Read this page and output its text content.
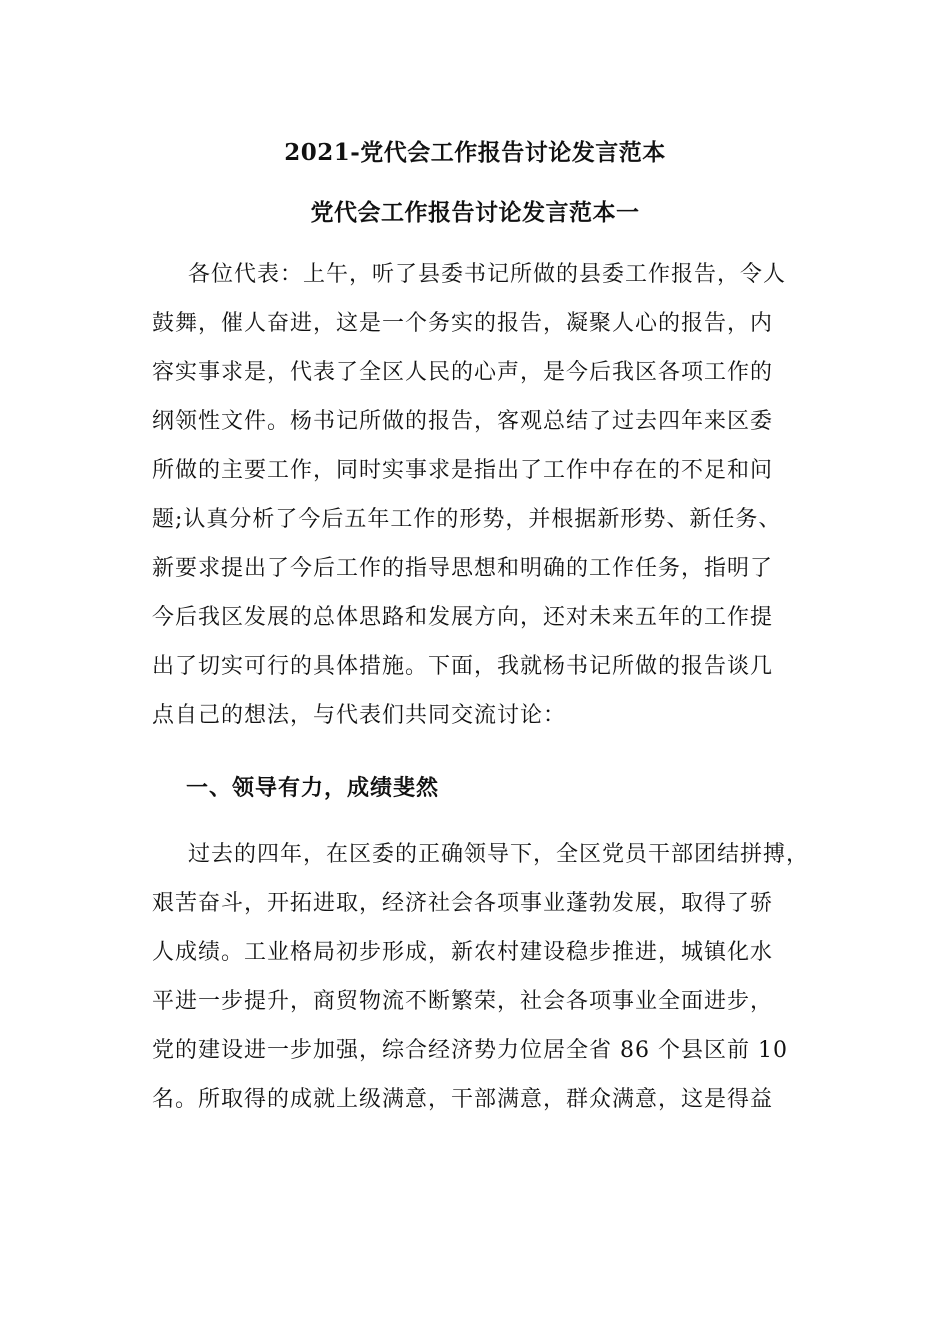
2021-党代会工作报告讨论发言范本
党代会工作报告讨论发言范本一
各位代表：上午，听了县委书记所做的县委工作报告，令人
鼓舞，催人奋进，这是一个务实的报告，凝聚人心的报告，内
容实事求是，代表了全区人民的心声，是今后我区各项工作的
纲领性文件。杨书记所做的报告，客观总结了过去四年来区委
所做的主要工作，同时实事求是指出了工作中存在的不足和问
题;认真分析了今后五年工作的形势，并根据新形势、新任务、
新要求提出了今后工作的指导思想和明确的工作任务，指明了
今后我区发展的总体思路和发展方向，还对未来五年的工作提
出了切实可行的具体措施。下面，我就杨书记所做的报告谈几
点自己的想法，与代表们共同交流讨论：
一、领导有力，成绩斐然
过去的四年，在区委的正确领导下，全区党员干部团结拼搏，
艰苦奋斗，开拓进取，经济社会各项事业蓬勃发展，取得了骄
人成绩。工业格局初步形成，新农村建设稳步推进，城镇化水
平进一步提升，商贸物流不断繁荣，社会各项事业全面进步，
党的建设进一步加强，综合经济势力位居全省 86 个县区前 10
名。所取得的成就上级满意，干部满意，群众满意，这是得益
